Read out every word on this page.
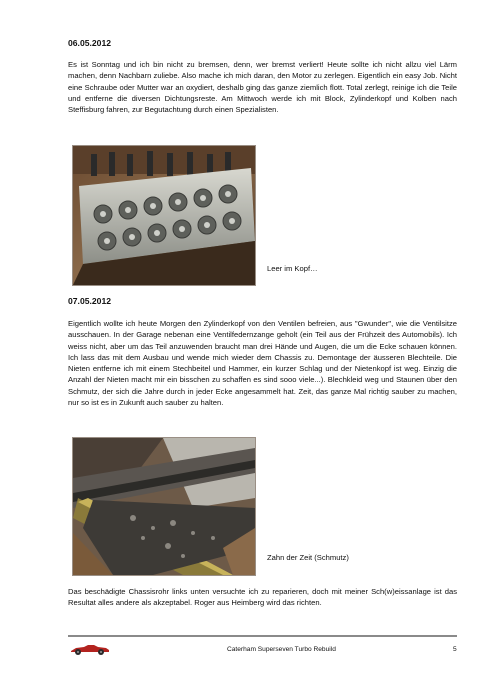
06.05.2012

Es ist Sonntag und ich bin nicht zu bremsen, denn, wer bremst verliert! Heute sollte ich nicht allzu viel Lärm machen, denn Nachbarn zuliebe. Also mache ich mich daran, den Motor zu zerlegen. Eigentlich ein easy Job. Nicht eine Schraube oder Mutter war an oxydiert, deshalb ging das ganze ziemlich flott. Total zerlegt, reinige ich die Teile und entferne die diversen Dichtungsreste. Am Mittwoch werde ich mit Block, Zylinderkopf und Kolben nach Steffisburg fahren, zur Begutachtung durch einen Spezialisten.

Leer im Kopf…
07.05.2012

Eigentlich wollte ich heute Morgen den Zylinderkopf von den Ventilen befreien, aus "Gwunder", wie die Ventilsitze ausschauen. In der Garage nebenan eine Ventilfedernzange geholt (ein Teil aus der Frühzeit des Automobils). Ich weiss nicht, aber um das Teil anzuwenden braucht man drei Hände und Augen, die um die Ecke schauen können. Ich lass das mit dem Ausbau und wende mich wieder dem Chassis zu. Demontage der äusseren Blechteile. Die Nieten entferne ich mit einem Stechbeitel und Hammer, ein kurzer Schlag und der Nietenkopf ist weg. Einzig die Anzahl der Nieten macht mir ein bisschen zu schaffen es sind sooo viele...). Blechkleid weg und Staunen über den Schmutz, der sich die Jahre durch in jeder Ecke angesammelt hat. Zeit, das ganze Mal richtig sauber zu machen, nur so ist es in Zukunft auch sauber zu halten.

Zahn der Zeit (Schmutz)

Das beschädigte Chassisrohr links unten versuchte ich zu reparieren, doch mit meiner Sch(w)eissanlage ist das Resultat alles andere als akzeptabel. Roger aus Heimberg wird das richten.

Caterham Superseven Turbo Rebuild	5
